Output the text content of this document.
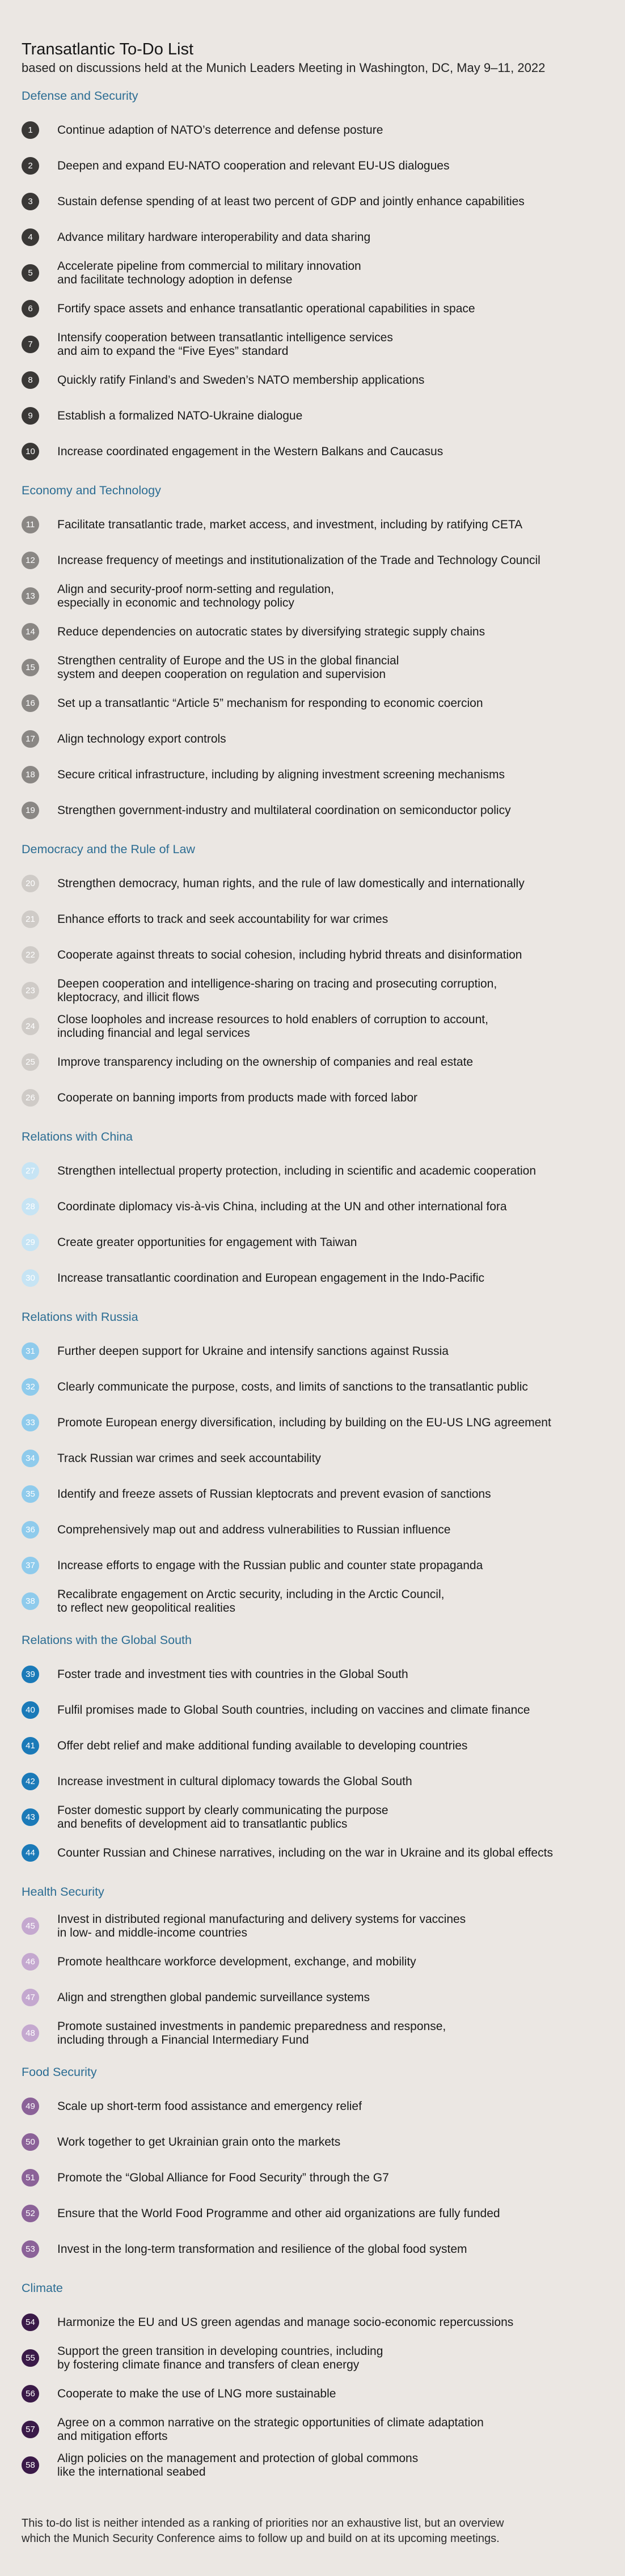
Transatlantic To-Do List
based on discussions held at the Munich Leaders Meeting in Washington, DC, May 9–11, 2022
Defense and Security
1	Continue adaption of NATO’s deterrence and defense posture
2	Deepen and expand EU-NATO cooperation and relevant EU-US dialogues
3	Sustain defense spending of at least two percent of GDP and jointly enhance capabilities
4	Advance military hardware interoperability and data sharing
5
Accelerate pipeline from commercial to military innovation
and facilitate technology adoption in defense
6	Fortify space assets and enhance transatlantic operational capabilities in space
7
Intensify cooperation between transatlantic intelligence services
and aim to expand the “Five Eyes” standard
8	Quickly ratify Finland’s and Sweden’s NATO membership applications
9	Establish a formalized NATO-Ukraine dialogue
10	Increase coordinated engagement in the Western Balkans and Caucasus
Economy and Technology
11	Facilitate transatlantic trade, market access, and investment, including by ratifying CETA
12	Increase frequency of meetings and institutionalization of the Trade and Technology Council
13
Align and security-proof norm-setting and regulation,
especially in economic and technology policy
14	Reduce dependencies on autocratic states by diversifying strategic supply chains
15
Strengthen centrality of Europe and the US in the global financial
system and deepen cooperation on regulation and supervision
16	Set up a transatlantic “Article 5” mechanism for responding to economic coercion
17	Align technology export controls
18	Secure critical infrastructure, including by aligning investment screening mechanisms
19	Strengthen government-industry and multilateral coordination on semiconductor policy
Democracy and the Rule of Law
20	Strengthen democracy, human rights, and the rule of law domestically and internationally
21	Enhance efforts to track and seek accountability for war crimes
22	Cooperate against threats to social cohesion, including hybrid threats and disinformation
23
Deepen cooperation and intelligence-sharing on tracing and prosecuting corruption,
kleptocracy, and illicit flows
24
Close loopholes and increase resources to hold enablers of corruption to account,
including financial and legal services
25	Improve transparency including on the ownership of companies and real estate
26	Cooperate on banning imports from products made with forced labor
Relations with China
27	Strengthen intellectual property protection, including in scientific and academic cooperation
28	Coordinate diplomacy vis-à-vis China, including at the UN and other international fora
29	Create greater opportunities for engagement with Taiwan
30	Increase transatlantic coordination and European engagement in the Indo-Pacific
Relations with Russia
31	Further deepen support for Ukraine and intensify sanctions against Russia
32	Clearly communicate the purpose, costs, and limits of sanctions to the transatlantic public
33	Promote European energy diversification, including by building on the EU-US LNG agreement
34	Track Russian war crimes and seek accountability
35	Identify and freeze assets of Russian kleptocrats and prevent evasion of sanctions
36	Comprehensively map out and address vulnerabilities to Russian influence
37	Increase efforts to engage with the Russian public and counter state propaganda
38
Recalibrate engagement on Arctic security, including in the Arctic Council,
to reflect new geopolitical realities
Relations with the Global South
39	Foster trade and investment ties with countries in the Global South
40	Fulfil promises made to Global South countries, including on vaccines and climate finance
41	Offer debt relief and make additional funding available to developing countries
42	Increase investment in cultural diplomacy towards the Global South
43
Foster domestic support by clearly communicating the purpose
and benefits of development aid to transatlantic publics
44	Counter Russian and Chinese narratives, including on the war in Ukraine and its global effects
Health Security
45
Invest in distributed regional manufacturing and delivery systems for vaccines
in low- and middle-income countries
46	Promote healthcare workforce development, exchange, and mobility
47	Align and strengthen global pandemic surveillance systems
48
Promote sustained investments in pandemic preparedness and response,
including through a Financial Intermediary Fund
Food Security
49	Scale up short-term food assistance and emergency relief
50	Work together to get Ukrainian grain onto the markets
51	Promote the “Global Alliance for Food Security” through the G7
52	Ensure that the World Food Programme and other aid organizations are fully funded
53	Invest in the long-term transformation and resilience of the global food system
Climate
54	Harmonize the EU and US green agendas and manage socio-economic repercussions
55
Support the green transition in developing countries, including
by fostering climate finance and transfers of clean energy
56	Cooperate to make the use of LNG more sustainable
57
Agree on a common narrative on the strategic opportunities of climate adaptation
and mitigation efforts
58
Align policies on the management and protection of global commons
like the international seabed
This to-do list is neither intended as a ranking of priorities nor an exhaustive list, but an overview
which the Munich Security Conference aims to follow up and build on at its upcoming meetings.
